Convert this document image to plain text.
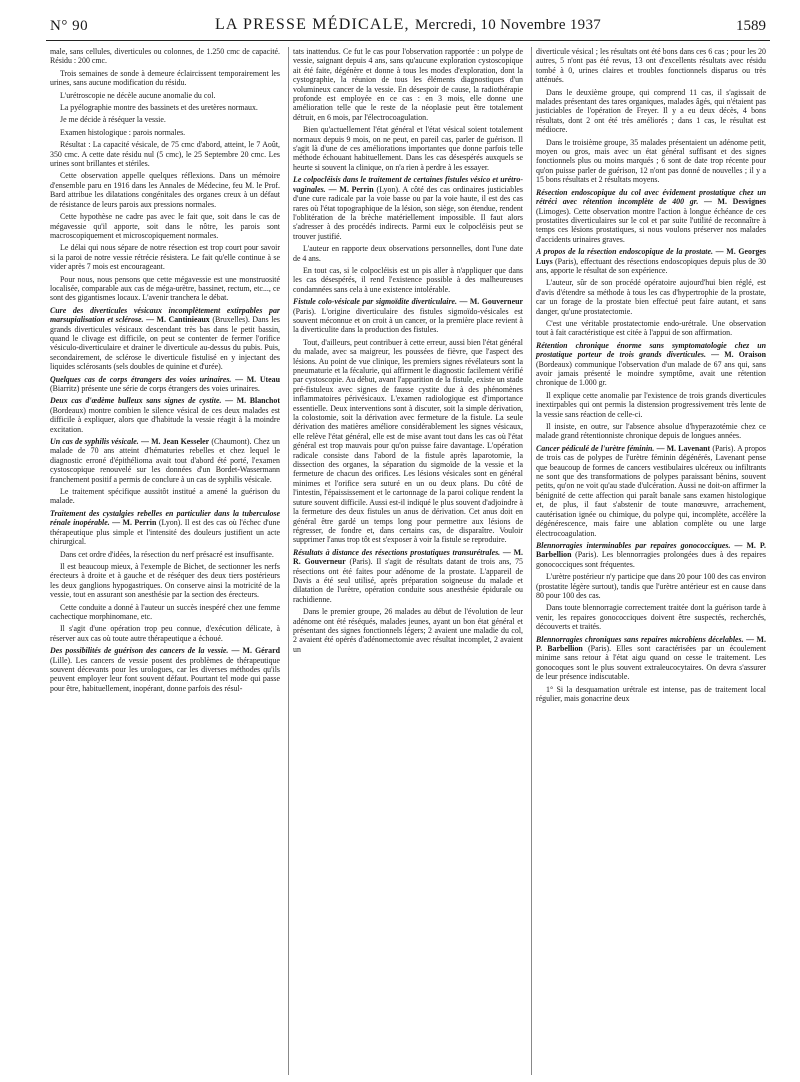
N° 90	LA PRESSE MÉDICALE, Mercredi, 10 Novembre 1937	1589

male, sans cellules, diverticules ou colonnes, de 1.250 cmc de capacité. Résidu : 200 cmc.

Trois semaines de sonde à demeure éclaircissent temporairement les urines, sans aucune modification du résidu.

L'urétroscopie ne décèle aucune anomalie du col.

La pyélographie montre des bassinets et des uretères normaux.

Je me décide à réséquer la vessie.

Examen histologique : parois normales.

Résultat : La capacité vésicale, de 75 cmc d'abord, atteint, le 7 Août, 350 cmc. A cette date résidu nul (5 cmc), le 25 Septembre 20 cmc. Les urines sont brillantes et stériles.

Cette observation appelle quelques réflexions. Dans un mémoire d'ensemble paru en 1916 dans les Annales de Médecine, feu M. le Prof. Bard attribue les dilatations congénitales des organes creux à un défaut de résistance de leurs parois aux pressions normales.

Cette hypothèse ne cadre pas avec le fait que, soit dans le cas de mégavessie qu'il apporte, soit dans le nôtre, les parois sont macroscopiquement et microscopiquement normales.

Le délai qui nous sépare de notre résection est trop court pour savoir si la paroi de notre vessie rétrécie résistera. Le fait qu'elle continue à se vider après 7 mois est encourageant.

Pour nous, nous pensons que cette mégavessie est une monstruosité localisée, comparable aux cas de méga-urètre, bassinet, rectum, etc..., ce sont des gigantismes locaux. L'avenir tranchera le débat.

Cure des diverticules vésicaux incomplètement extirpables par marsupialisation et sclérose. — M. Cantinieaux (Bruxelles). Dans les grands diverticules vésicaux descendant très bas dans le petit bassin, quand le clivage est difficile, on peut se contenter de fermer l'orifice vésiculo-diverticulaire et drainer le diverticule au-dessus du pubis. Puis, secondairement, de sclérose le diverticule fistulisé en y injectant des liquides sclérosants (sels doubles de quinine et d'urée).

Quelques cas de corps étrangers des voies urinaires. — M. Uteau (Biarritz) présente une série de corps étrangers des voies urinaires.

Deux cas d'œdème bulleux sans signes de cystite. — M. Blanchot (Bordeaux) montre combien le silence vésical de ces deux malades est difficile à expliquer, alors que d'habitude la vessie réagit à la moindre excitation.

Un cas de syphilis vésicale. — M. Jean Kesseler (Chaumont). Chez un malade de 70 ans atteint d'hématuries rebelles et chez lequel le diagnostic erroné d'épithélioma avait tout d'abord été porté, l'examen cystoscopique renouvelé sur les données d'un Bordet-Wassermann franchement positif a permis de conclure à un cas de syphilis vésicale.

Le traitement spécifique aussitôt institué a amené la guérison du malade.

Traitement des cystalgies rebelles en particulier dans la tuberculose rénale inopérable. — M. Perrin (Lyon). Il est des cas où l'échec d'une thérapeutique plus simple et l'intensité des douleurs justifient un acte chirurgical.

Dans cet ordre d'idées, la résection du nerf présacré est insuffisante.

Il est beaucoup mieux, à l'exemple de Bichet, de sectionner les nerfs érecteurs à droite et à gauche et de réséquer des deux tiers postérieurs les deux ganglions hypogastriques. On conserve ainsi la motricité de la vessie, tout en assurant son anesthésie par la section des érecteurs.

Cette conduite a donné à l'auteur un succès inespéré chez une femme cachectique morphinomane, etc.

Il s'agit d'une opération trop peu connue, d'exécution délicate, à réserver aux cas où toute autre thérapeutique a échoué.

Des possibilités de guérison des cancers de la vessie. — M. Gérard (Lille). Les cancers de vessie posent des problèmes de thérapeutique souvent décevants pour les urologues, car les diverses méthodes qu'ils peuvent employer leur font souvent défaut. Pourtant tel mode qui passe pour être, habituellement, inopérant, donne parfois des résul-

tats inattendus. Ce fut le cas pour l'observation rapportée : un polype de vessie, saignant depuis 4 ans, sans qu'aucune exploration cystoscopique ait été faite, dégénère et donne à tous les modes d'exploration, dont la cystographie, la réunion de tous les éléments diagnostiques d'un volumineux cancer de la vessie. En désespoir de cause, la radiothérapie profonde est employée en ce cas : en 3 mois, elle donne une amélioration telle que le reste de la néoplasie peut être totalement détruit, en 6 mois, par l'électrocoagulation.

Bien qu'actuellement l'état général et l'état vésical soient totalement normaux depuis 9 mois, on ne peut, en pareil cas, parler de guérison. Il s'agit là d'une de ces améliorations importantes que donne parfois telle méthode échouant habituellement. Dans les cas désespérés auxquels se heurte si souvent la clinique, on n'a rien à perdre à les essayer.

Le colpocléisis dans le traitement de certaines fistules vésico et urétro-vaginales. — M. Perrin (Lyon). A côté des cas ordinaires justiciables d'une cure radicale par la voie basse ou par la voie haute, il est des cas rares où l'état topographique de la lésion, son siège, son étendue, rendent l'oblitération de la brèche matériellement impossible. Il faut alors s'adresser à des procédés indirects. Parmi eux le colpocléisis peut se trouver justifié.

L'auteur en rapporte deux observations personnelles, dont l'une date de 4 ans.

En tout cas, si le colpocléisis est un pis aller à n'appliquer que dans les cas désespérés, il rend l'existence possible à des malheureuses condamnées sans cela à une existence intolérable.

Fistule colo-vésicale par sigmoïdite diverticulaire. — M. Gouverneur (Paris). L'origine diverticulaire des fistules sigmoïdo-vésicales est souvent méconnue et on croit à un cancer, or la première place revient à la diverticulite dans la production des fistules.

Tout, d'ailleurs, peut contribuer à cette erreur, aussi bien l'état général du malade, avec sa maigreur, les poussées de fièvre, que l'aspect des lésions. Au point de vue clinique, les premiers signes révélateurs sont la pneumaturie et la fécalurie, qui affirment le diagnostic facilement vérifié par cystoscopie. Au début, avant l'apparition de la fistule, existe un stade pré-fistuleux avec signes de fausse cystite due à des phénomènes inflammatoires périvésicaux. L'examen radiologique est d'importance essentielle. Deux interventions sont à discuter, soit la simple dérivation, la colostomie, soit la dérivation avec fermeture de la fistule. La seule dérivation des matières améliore considérablement les signes vésicaux, elle relève l'état général, elle est de mise avant tout dans les cas où l'état général est trop mauvais pour qu'on puisse faire davantage. L'opération radicale consiste dans l'abord de la fistule après laparotomie, la dissection des organes, la séparation du sigmoïde de la vessie et la fermeture de chacun des orifices. Les lésions vésicales sont en général minimes et l'orifice sera suturé en un ou deux plans. Du côté de l'intestin, l'épaississement et le cartonnage de la paroi colique rendent la suture souvent difficile. Aussi est-il indiqué le plus souvent d'adjoindre à la fermeture des deux fistules un anus de dérivation. Cet anus doit en général être gardé un temps long pour permettre aux lésions de régresser, de fondre et, dans certains cas, de disparaître. Vouloir supprimer l'anus trop tôt est s'exposer à voir la fistule se reproduire.

Résultats à distance des résections prostatiques transurétrales. — M. R. Gouverneur (Paris). Il s'agit de résultats datant de trois ans, 75 résections ont été faites pour adénome de la prostate. L'appareil de Davis a été seul utilisé, après préparation soigneuse du malade et dilatation de l'urètre, opération conduite sous anesthésie épidurale ou rachidienne.

Dans le premier groupe, 26 malades au début de l'évolution de leur adénome ont été réséqués, malades jeunes, ayant un bon état général et présentant des signes fonctionnels légers; 2 avaient une maladie du col, 2 avaient été opérés d'adénomectomie avec résultat incomplet, 2 avaient un

diverticule vésical ; les résultats ont été bons dans ces 6 cas ; pour les 20 autres, 5 n'ont pas été revus, 13 ont d'excellents résultats avec résidu tombé à 0, urines claires et troubles fonctionnels disparus ou très atténués.

Dans le deuxième groupe, qui comprend 11 cas, il s'agissait de malades présentant des tares organiques, malades âgés, qui n'étaient pas justiciables de l'opération de Freyer. Il y a eu deux décès, 4 bons résultats, dont 2 ont été très améliorés ; dans 1 cas, le résultat est médiocre.

Dans le troisième groupe, 35 malades présentaient un adénome petit, moyen ou gros, mais avec un état général suffisant et des signes fonctionnels plus ou moins marqués ; 6 sont de date trop récente pour qu'on puisse parler de guérison, 12 n'ont pas donné de nouvelles ; il y a 15 bons résultats et 2 résultats moyens.

Résection endoscopique du col avec évidement prostatique chez un rétréci avec rétention incomplète de 400 gr. — M. Desvignes (Limoges). Cette observation montre l'action à longue échéance de ces prostatites diverticulaires sur le col et par suite l'utilité de reconnaître à temps ces lésions prostatiques, si nous voulons préserver nos malades d'accidents urinaires graves.

A propos de la résection endoscopique de la prostate. — M. Georges Luys (Paris), effectuant des résections endoscopiques depuis plus de 30 ans, apporte le résultat de son expérience.

L'auteur, sûr de son procédé opératoire aujourd'hui bien réglé, est d'avis d'étendre sa méthode à tous les cas d'hypertrophie de la prostate, car un forage de la prostate bien effectué peut faire autant, et sans danger, qu'une prostatectomie.

C'est une véritable prostatectomie endo-urétrale. Une observation tout à fait caractéristique est citée à l'appui de son affirmation.

Rétention chronique énorme sans symptomatologie chez un prostatique porteur de trois grands diverticules. — M. Oraison (Bordeaux) communique l'observation d'un malade de 67 ans qui, sans avoir jamais présenté le moindre symptôme, avait une rétention chronique de 1.000 gr.

Il explique cette anomalie par l'existence de trois grands diverticules inextirpables qui ont permis la distension progressivement très lente de la vessie sans réaction de celle-ci.

Il insiste, en outre, sur l'absence absolue d'hyperazotémie chez ce malade grand rétentionniste chronique depuis de longues années.

Cancer pédiculé de l'urètre féminin. — M. Lavenant (Paris). A propos de trois cas de polypes de l'urètre féminin dégénérés, Lavenant pense que beaucoup de formes de cancers vestibulaires ulcéreux ou infiltrants ne sont que des transformations de polypes paraissant bénins, souvent petits, qu'on ne voit qu'au stade d'ulcération. Aussi ne doit-on affirmer la bénignité de cette affection qui paraît banale sans examen histologique et, de plus, il faut s'abstenir de toute manœuvre, arrachement, cautérisation ignée ou chimique, du polype qui, incomplète, accélère la dégénérescence, mais faire une ablation complète ou une large électrocoagulation.

Blennorragies interminables par repaires gonococciques. — M. P. Barbellion (Paris). Les blennorragies prolongées dues à des repaires gonococciques sont fréquentes.

L'urètre postérieur n'y participe que dans 20 pour 100 des cas environ (prostatite légère surtout), tandis que l'urètre antérieur est en cause dans 80 pour 100 des cas.

Dans toute blennorragie correctement traitée dont la guérison tarde à venir, les repaires gonococciques doivent être suspectés, recherchés, découverts et traités.

Blennorragies chroniques sans repaires microbiens décelables. — M. P. Barbellion (Paris). Elles sont caractérisées par un écoulement minime sans retour à l'état aigu quand on cesse le traitement. Les gonocoques sont le plus souvent extraleucocytaires. On devra s'assurer de leur présence indiscutable.

1° Si la desquamation urétrale est intense, pas de traitement local régulier, mais gonacrine deux
